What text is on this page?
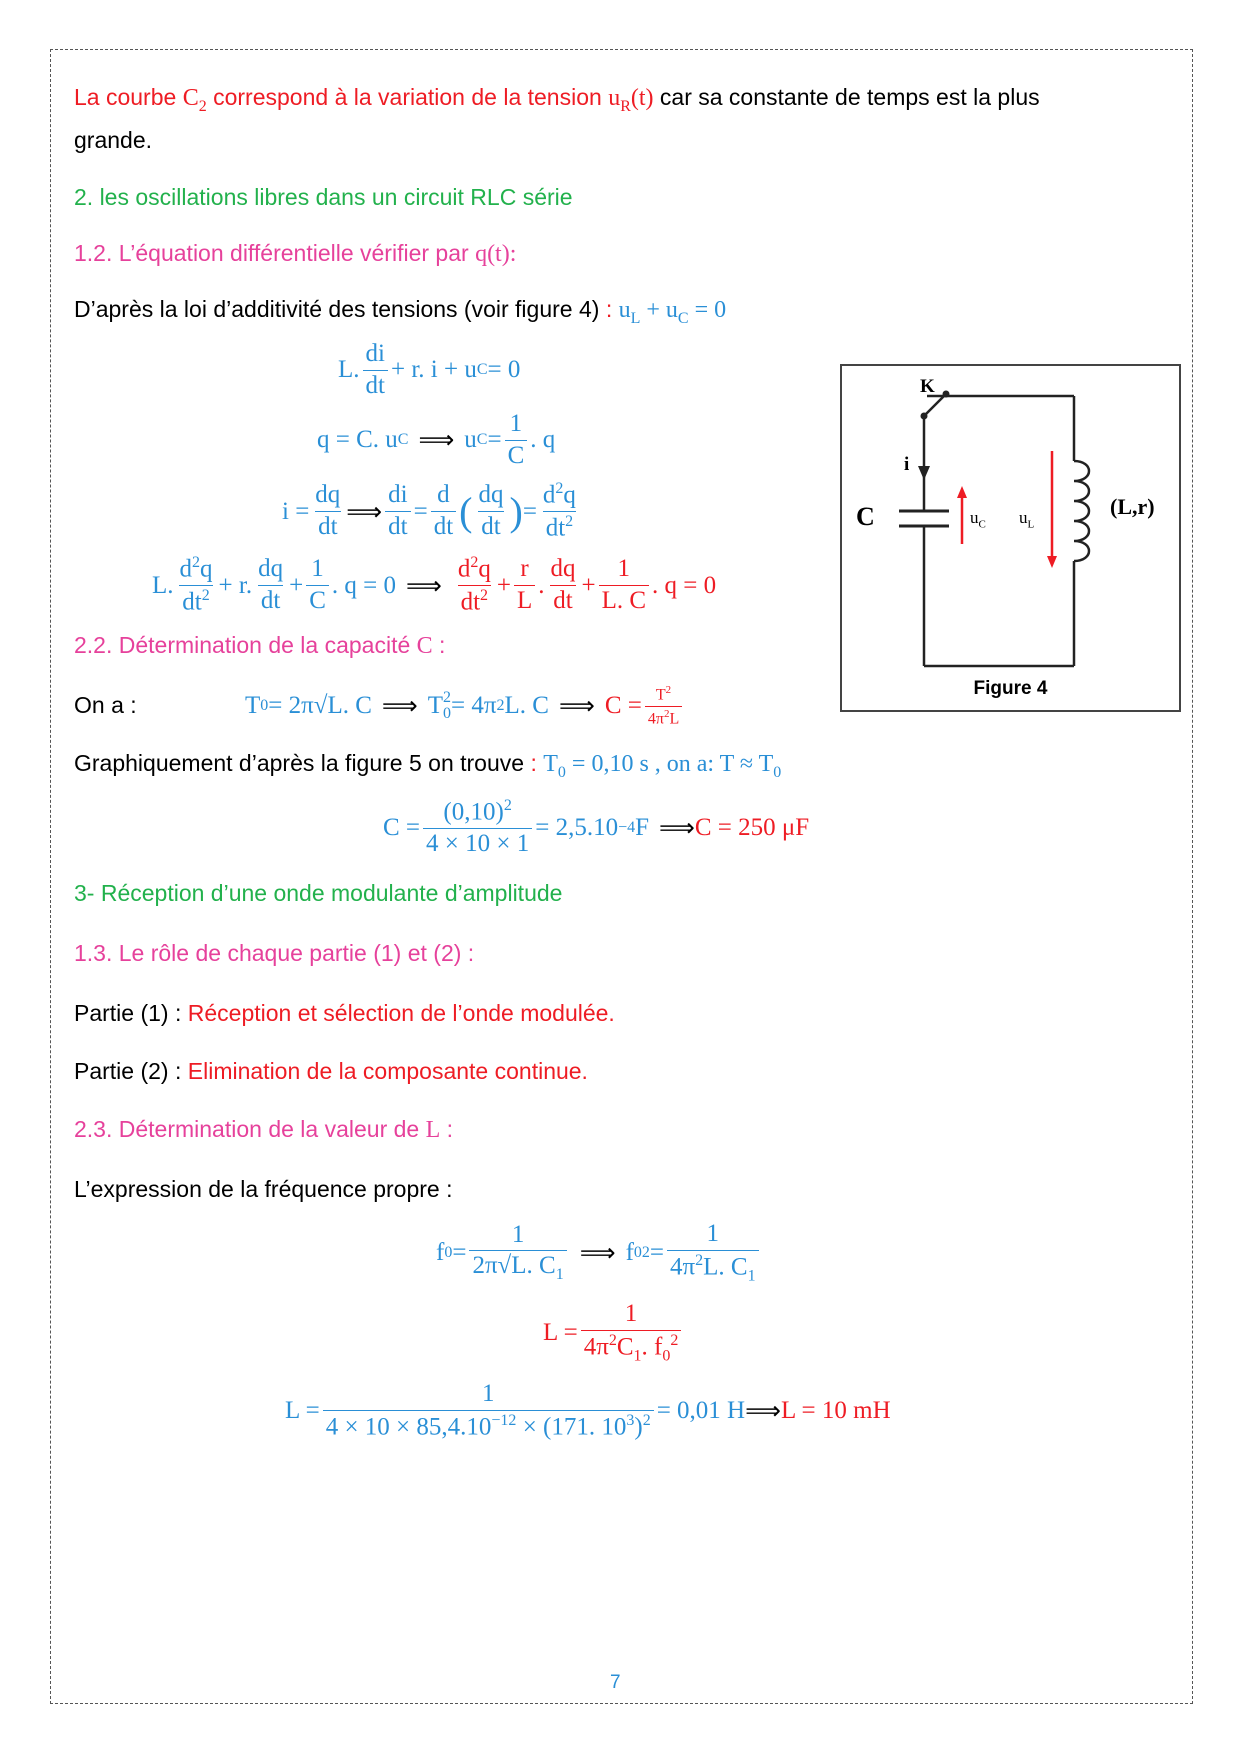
La courbe $C_2$ correspond à la variation de la tension $u_R(t)$ car sa constante de temps est la plus
grande.
2. les oscillations libres dans un circuit RLC série
1.2. L’équation différentielle vérifier par q(t):
D’après la loi d’additivité des tensions (voir figure 4) : $u_L + u_C = 0$
L.
di
dt
+ r. i + u C = 0
q = C. u C ⟹ u $C = \frac{1}{C}$ . q
$i = \frac{dq}{dt}$ ⟹ $\frac{di}{dt} = \frac{d}{dt}$ ( dq
dt ) = $\frac{d^2q}{dt^2}$
L.
$d^2q$
$dt^2 + r$.
dq
dt
+ $\frac{1}{C}$ . q = 0 ⟹
$d^2q$
$dt^2 + \frac{r}{L}$ .
dq
dt
+ $\frac{1}{L. C}$ . q = 0
2.2. Détermination de la capacité C :
On a :	T 0 = 2π√L. C ⟹ T 2
0 = 4π 2 L. C ⟹ $C = \frac{T^2}{4\pi^2L}$
Graphiquement d’après la figure 5 on trouve : $T_0 = 0,10$ s , on a: $T \approx T_0$
$C = \frac{(0,10)^2}{4 \times 10 \times 1} = 2,5.10 -4$ F ⟹ C = 250 μF
3- Réception d’une onde modulante d’amplitude
1.3. Le rôle de chaque partie (1) et (2) :
Partie (1) : Réception et sélection de l’onde modulée.
Partie (2) : Elimination de la composante continue.
2.3. Détermination de la valeur de L :
L’expression de la fréquence propre :
f $0 = \frac{1}{2\pi√L. C_1}$ ⟹ f 0 $2 = \frac{1}{4\pi^2L. C_1}$
$L = \frac{1}{4\pi^2C_1. f_0^2}$
$L = \frac{1}{4 \times 10 \times 85,4.10^{-12} \times (171. 10^3)^2} = 0,01$ H ⟹ L = 10 mH
K
i
C	$u_C$ $u_L$
(L,r)
Figure 4
7
